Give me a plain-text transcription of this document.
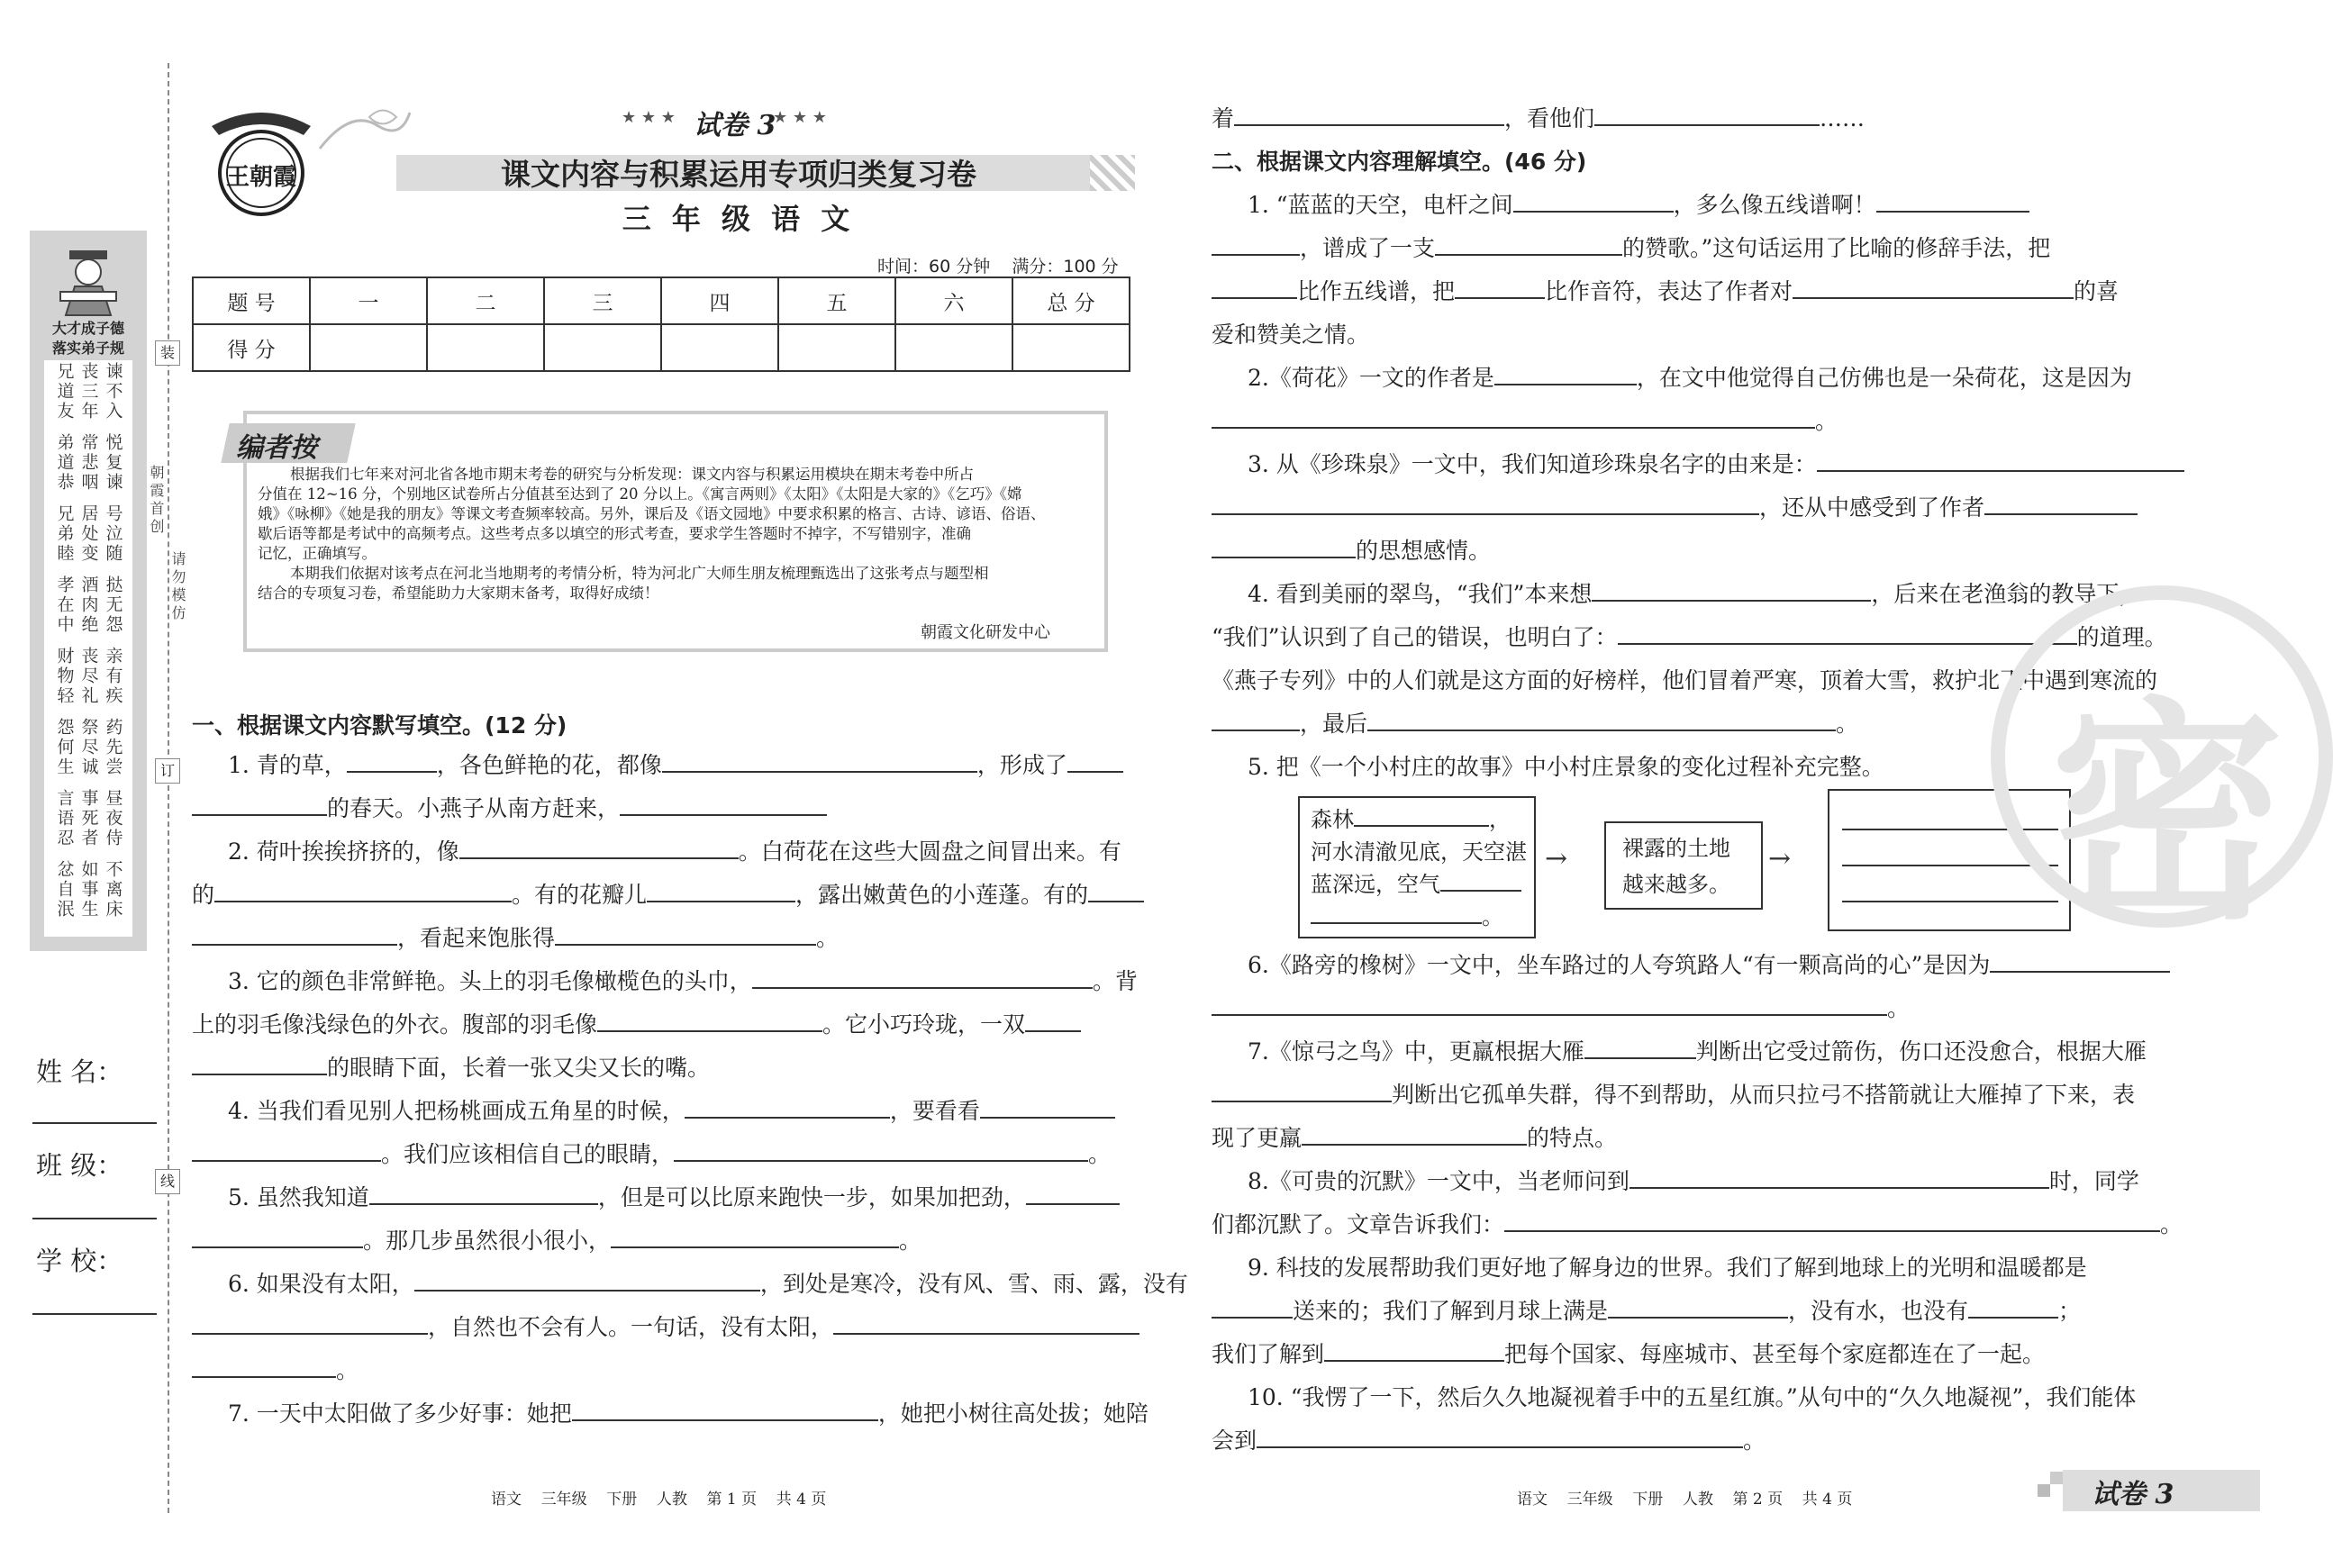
大才成子德
落实弟子规
兄道友 丧三年 谏不入
弟道恭 常悲咽 悦复谏
兄弟睦 居处变 号泣随
孝在中 酒肉绝 挞无怨
财物轻 丧尽礼 亲有疾
怨何生 祭尽诚 药先尝
言语忍 事死者 昼夜侍
忿自泯 如事生 不离床
装
订
线
朝霞首创
请勿模仿
姓 名：
班 级：
学 校：
王朝霞
★ ★ ★ 试卷 3
★ ★ ★
课文内容与积累运用专项归类复习卷
三 年 级 语 文
时间：60 分钟    满分：100 分
题 号	一	二	三	四	五	六	总 分
得 分							
编者按
根据我们七年来对河北省各地市期末考卷的研究与分析发现：课文内容与积累运用模块在期末考卷中所占
分值在 12~16 分，个别地区试卷所占分值甚至达到了 20 分以上。《寓言两则》《太阳》《太阳是大家的》《乞巧》《嫦
娥》《咏柳》《她是我的朋友》等课文考查频率较高。另外，课后及《语文园地》中要求积累的格言、古诗、谚语、俗语、
歇后语等都是考试中的高频考点。这些考点多以填空的形式考查，要求学生答题时不掉字，不写错别字，准确
记忆，正确填写。
本期我们依据对该考点在河北当地期考的考情分析，特为河北广大师生朋友梳理甄选出了这张考点与题型相
结合的专项复习卷，希望能助力大家期末备考，取得好成绩！
朝霞文化研发中心
一、根据课文内容默写填空。(12 分)
1. 青的草，	，各色鲜艳的花，都像	，形成了
的春天。小燕子从南方赶来，
2. 荷叶挨挨挤挤的，像	。白荷花在这些大圆盘之间冒出来。有
的	。有的花瓣儿	，露出嫩黄色的小莲蓬。有的
，看起来饱胀得	。
3. 它的颜色非常鲜艳。头上的羽毛像橄榄色的头巾，	。背
上的羽毛像浅绿色的外衣。腹部的羽毛像	。它小巧玲珑，一双
的眼睛下面，长着一张又尖又长的嘴。
4. 当我们看见别人把杨桃画成五角星的时候，	，要看看
。我们应该相信自己的眼睛，	。
5. 虽然我知道	，但是可以比原来跑快一步，如果加把劲，
。那几步虽然很小很小，	。
6. 如果没有太阳，	，到处是寒冷，没有风、雪、雨、露，没有
，自然也不会有人。一句话，没有太阳，
。
7. 一天中太阳做了多少好事：她把	，她把小树往高处拔；她陪
着	，看他们	……
二、根据课文内容理解填空。(46 分)
1. “蓝蓝的天空，电杆之间	，多么像五线谱啊！
，谱成了一支	的赞歌。”这句话运用了比喻的修辞手法，把
比作五线谱，把	比作音符，表达了作者对	的喜
爱和赞美之情。
2.《荷花》一文的作者是	，在文中他觉得自己仿佛也是一朵荷花，这是因为
。
3. 从《珍珠泉》一文中，我们知道珍珠泉名字的由来是：
，还从中感受到了作者
的思想感情。
4. 看到美丽的翠鸟，“我们”本来想	，后来在老渔翁的教导下，
“我们”认识到了自己的错误，也明白了：	的道理。
《燕子专列》中的人们就是这方面的好榜样，他们冒着严寒，顶着大雪，救护北飞中遇到寒流的
，最后	。
5. 把《一个小村庄的故事》中小村庄景象的变化过程补充完整。
森林	，
河水清澈见底，天空湛
蓝深远，空气
。
→	裸露的土地
越来越多。
→
6.《路旁的橡树》一文中，坐车路过的人夸筑路人“有一颗高尚的心”是因为
。
7.《惊弓之鸟》中，更羸根据大雁	判断出它受过箭伤，伤口还没愈合，根据大雁
判断出它孤单失群，得不到帮助，从而只拉弓不搭箭就让大雁掉了下来，表
现了更羸	的特点。
8.《可贵的沉默》一文中，当老师问到	时，同学
们都沉默了。文章告诉我们：	。
9. 科技的发展帮助我们更好地了解身边的世界。我们了解到地球上的光明和温暖都是
送来的；我们了解到月球上满是	，没有水，也没有	；
我们了解到	把每个国家、每座城市、甚至每个家庭都连在了一起。
10. “我愣了一下，然后久久地凝视着手中的五星红旗。”从句中的“久久地凝视”，我们能体
会到	。
密
语文    三年级    下册    人教    第 1 页    共 4 页	语文    三年级    下册    人教    第 2 页    共 4 页	试卷 3
